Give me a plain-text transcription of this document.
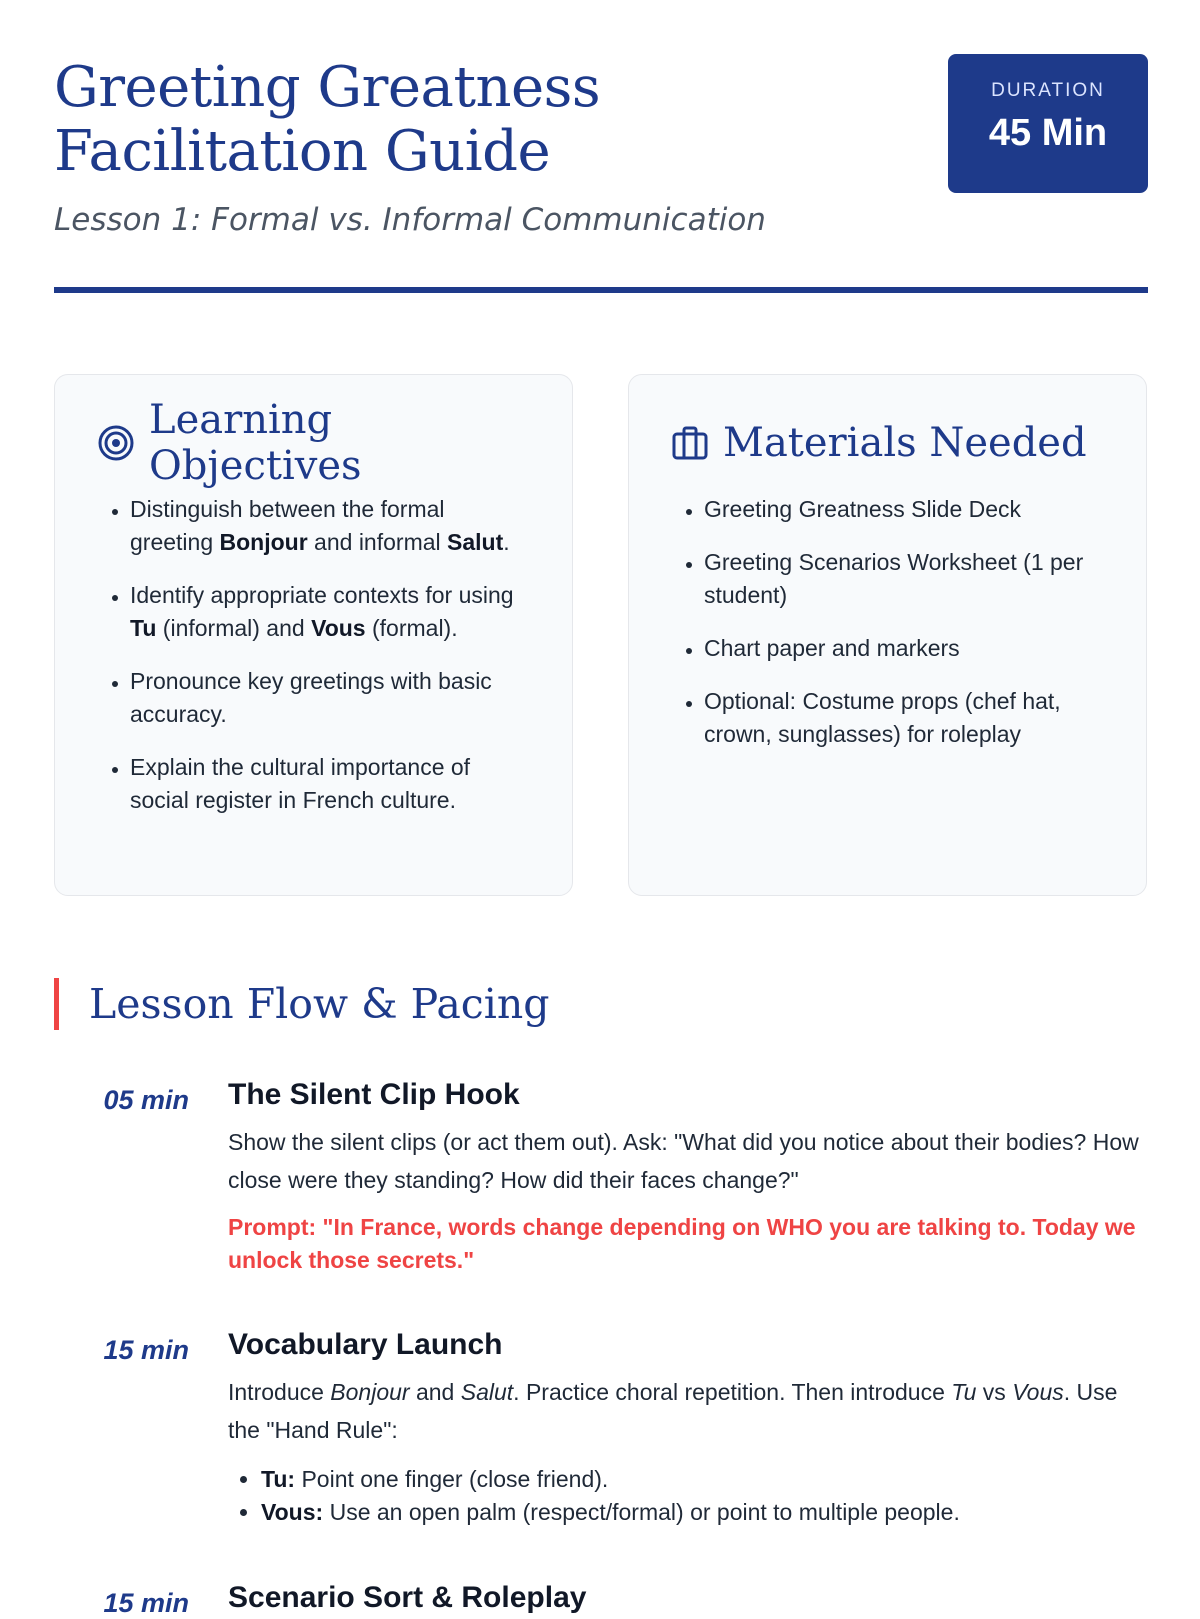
Greeting Greatness Facilitation Guide
Lesson 1: Formal vs. Informal Communication
DURATION
45 Min
Learning Objectives
• Distinguish between the formal greeting Bonjour and informal Salut.
• Identify appropriate contexts for using Tu (informal) and Vous (formal).
• Pronounce key greetings with basic accuracy.
• Explain the cultural importance of social register in French culture.
Materials Needed
• Greeting Greatness Slide Deck
• Greeting Scenarios Worksheet (1 per student)
• Chart paper and markers
• Optional: Costume props (chef hat, crown, sunglasses) for roleplay
Lesson Flow & Pacing
05 min The Silent Clip Hook

Show the silent clips (or act them out). Ask: "What did you notice about their bodies? How close were they standing? How did their faces change?"

Prompt: "In France, words change depending on WHO you are talking to. Today we unlock those secrets."
15 min Vocabulary Launch

Introduce Bonjour and Salut. Practice choral repetition. Then introduce Tu vs Vous. Use the "Hand Rule":

• Tu: Point one finger (close friend).
• Vous: Use an open palm (respect/formal) or point to multiple people.
15 min Scenario Sort & Roleplay
